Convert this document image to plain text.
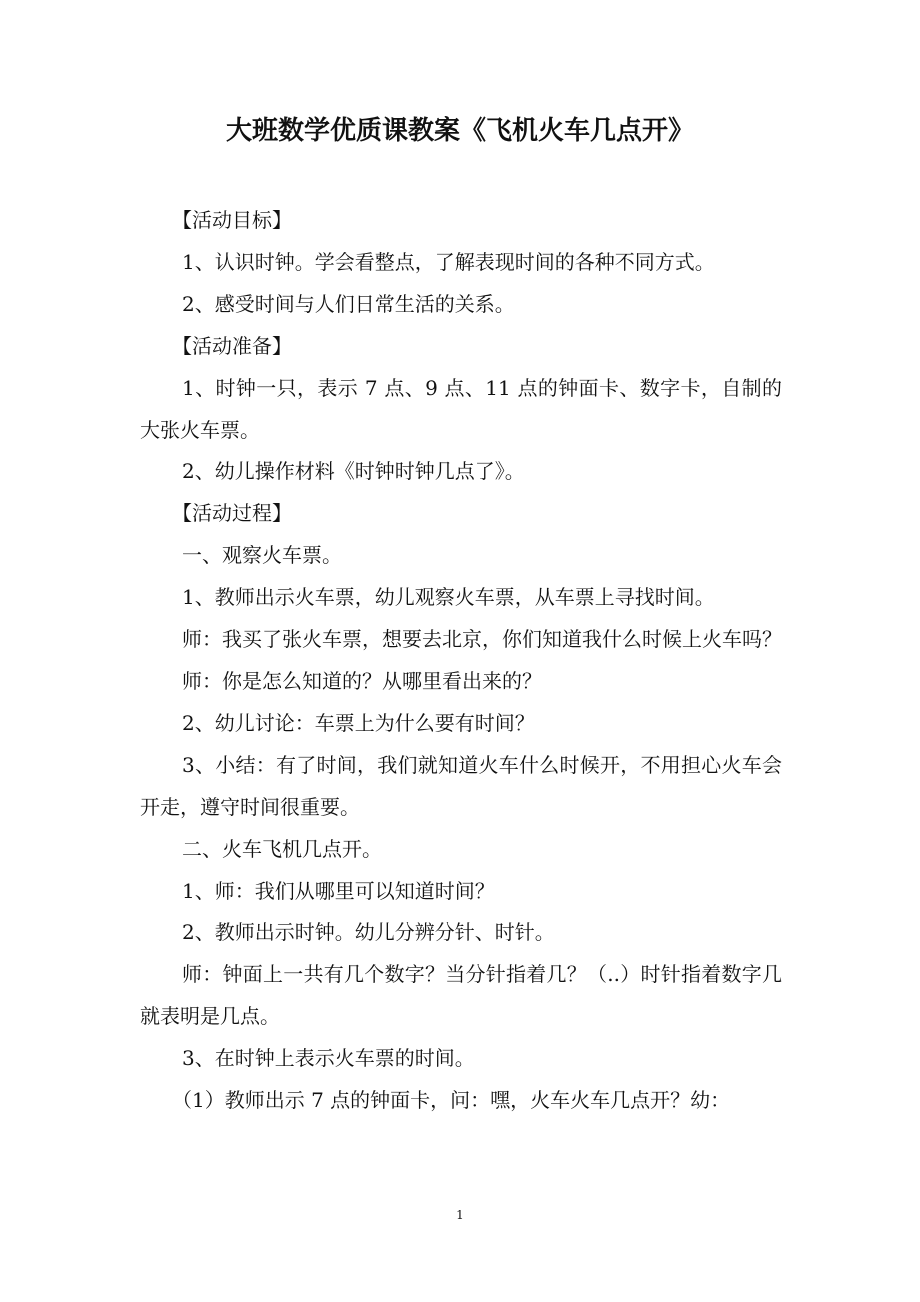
大班数学优质课教案《飞机火车几点开》

【活动目标】

1、认识时钟。学会看整点，了解表现时间的各种不同方式。

2、感受时间与人们日常生活的关系。

【活动准备】

1、时钟一只，表示 7 点、9 点、11 点的钟面卡、数字卡，自制的大张火车票。

2、幼儿操作材料《时钟时钟几点了》。

【活动过程】

一、观察火车票。

1、教师出示火车票，幼儿观察火车票，从车票上寻找时间。

师：我买了张火车票，想要去北京，你们知道我什么时候上火车吗？

师：你是怎么知道的？从哪里看出来的？

2、幼儿讨论：车票上为什么要有时间？

3、小结：有了时间，我们就知道火车什么时候开，不用担心火车会开走，遵守时间很重要。

二、火车飞机几点开。

1、师：我们从哪里可以知道时间？

2、教师出示时钟。幼儿分辨分针、时针。

师：钟面上一共有几个数字？当分针指着几？（..）时针指着数字几就表明是几点。

3、在时钟上表示火车票的时间。

（1）教师出示 7 点的钟面卡，问：嘿，火车火车几点开？幼：

1
